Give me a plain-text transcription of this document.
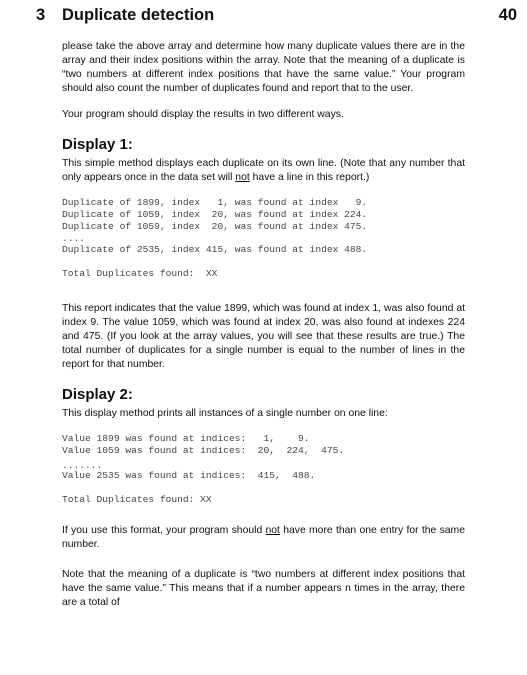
3 Duplicate detection	40

please take the above array and determine how many duplicate values there are in the array and their index positions within the array. Note that the meaning of a duplicate is “two numbers at different index positions that have the same value.” Your program should also count the number of duplicates found and report that to the user.

Your program should display the results in two different ways.

Display 1:

This simple method displays each duplicate on its own line. (Note that any number that only appears once in the data set will not have a line in this report.)

Duplicate of 1899, index   1, was found at index   9.
Duplicate of 1059, index  20, was found at index 224.
Duplicate of 1059, index  20, was found at index 475.
....
Duplicate of 2535, index 415, was found at index 488.
Total Duplicates found:  XX

This report indicates that the value 1899, which was found at index 1, was also found at index 9. The value 1059, which was found at index 20, was also found at indexes 224 and 475. (If you look at the array values, you will see that these results are true.) The total number of duplicates for a single number is equal to the number of lines in the report for that number.

Display 2:

This display method prints all instances of a single number on one line:

Value 1899 was found at indices:   1,    9.
Value 1059 was found at indices:  20,  224,  475.
.......
Value 2535 was found at indices:  415,  488.
Total Duplicates found: XX

If you use this format, your program should not have more than one entry for the same number.

Note that the meaning of a duplicate is “two numbers at different index positions that have the same value.” This means that if a number appears n times in the array, there are a total of
